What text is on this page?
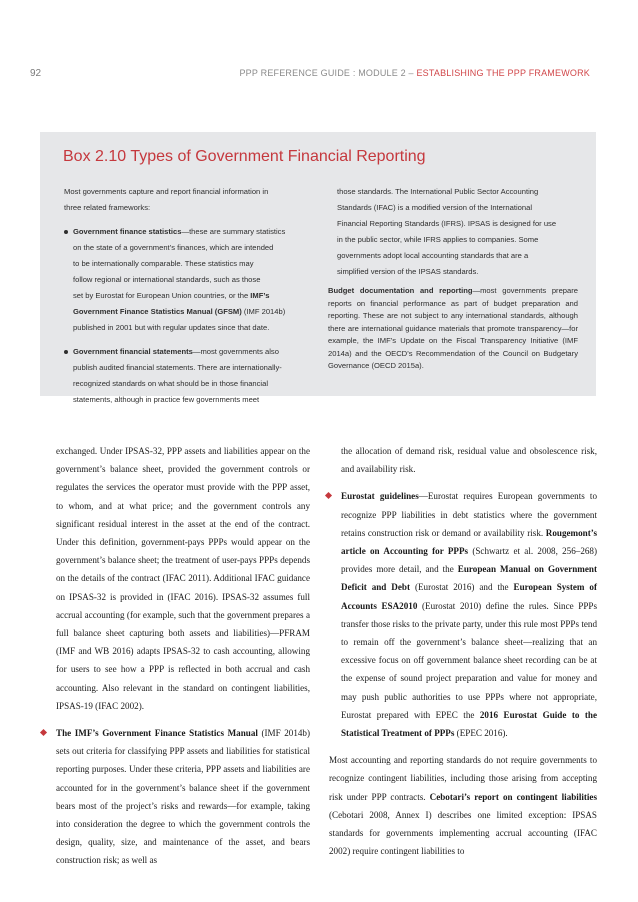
92	PPP REFERENCE GUIDE : MODULE 2 – ESTABLISHING THE PPP FRAMEWORK
Box 2.10 Types of Government Financial Reporting

Most governments capture and report financial information in

three related frameworks:

Government finance statistics—these are summary statistics

on the state of a government’s finances, which are intended

to be internationally comparable. These statistics may

follow regional or international standards, such as those

set by Eurostat for European Union countries, or the IMF’s

Government Finance Statistics Manual (GFSM) (IMF 2014b)

published in 2001 but with regular updates since that date.

Government financial statements—most governments also

publish audited financial statements. There are internationally-

recognized standards on what should be in those financial

statements, although in practice few governments meet

those standards. The International Public Sector Accounting

Standards (IFAC) is a modified version of the International

Financial Reporting Standards (IFRS). IPSAS is designed for use

in the public sector, while IFRS applies to companies. Some

governments adopt local accounting standards that are a

simplified version of the IPSAS standards.

Budget documentation and reporting—most governments prepare reports on financial performance as part of budget preparation and reporting. These are not subject to any international standards, although there are international guidance materials that promote transparency—for example, the IMF’s Update on the Fiscal Transparency Initiative (IMF 2014a) and the OECD’s Recommendation of the Council on Budgetary Governance (OECD 2015a).

exchanged. Under IPSAS-32, PPP assets and liabilities appear on the government’s balance sheet, provided the government controls or regulates the services the operator must provide with the PPP asset, to whom, and at what price; and the government controls any significant residual interest in the asset at the end of the contract. Under this definition, government-pays PPPs would appear on the government’s balance sheet; the treatment of user-pays PPPs depends on the details of the contract (IFAC 2011). Additional IFAC guidance on IPSAS-32 is provided in (IFAC 2016). IPSAS-32 assumes full accrual accounting (for example, such that the government prepares a full balance sheet capturing both assets and liabilities)—PFRAM (IMF and WB 2016) adapts IPSAS-32 to cash accounting, allowing for users to see how a PPP is reflected in both accrual and cash accounting. Also relevant in the standard on contingent liabilities, IPSAS-19 (IFAC 2002).

The IMF’s Government Finance Statistics Manual (IMF 2014b) sets out criteria for classifying PPP assets and liabilities for statistical reporting purposes. Under these criteria, PPP assets and liabilities are accounted for in the government’s balance sheet if the government bears most of the project’s risks and rewards—for example, taking into consideration the degree to which the government controls the design, quality, size, and maintenance of the asset, and bears construction risk; as well as

the allocation of demand risk, residual value and obsolescence risk, and availability risk.

Eurostat guidelines—Eurostat requires European governments to recognize PPP liabilities in debt statistics where the government retains construction risk or demand or availability risk. Rougemont’s article on Accounting for PPPs (Schwartz et al. 2008, 256–268) provides more detail, and the European Manual on Government Deficit and Debt (Eurostat 2016) and the European System of Accounts ESA2010 (Eurostat 2010) define the rules. Since PPPs transfer those risks to the private party, under this rule most PPPs tend to remain off the government’s balance sheet—realizing that an excessive focus on off government balance sheet recording can be at the expense of sound project preparation and value for money and may push public authorities to use PPPs where not appropriate, Eurostat prepared with EPEC the 2016 Eurostat Guide to the Statistical Treatment of PPPs (EPEC 2016).

Most accounting and reporting standards do not require governments to recognize contingent liabilities, including those arising from accepting risk under PPP contracts. Cebotari’s report on contingent liabilities (Cebotari 2008, Annex I) describes one limited exception: IPSAS standards for governments implementing accrual accounting (IFAC 2002) require contingent liabilities to
